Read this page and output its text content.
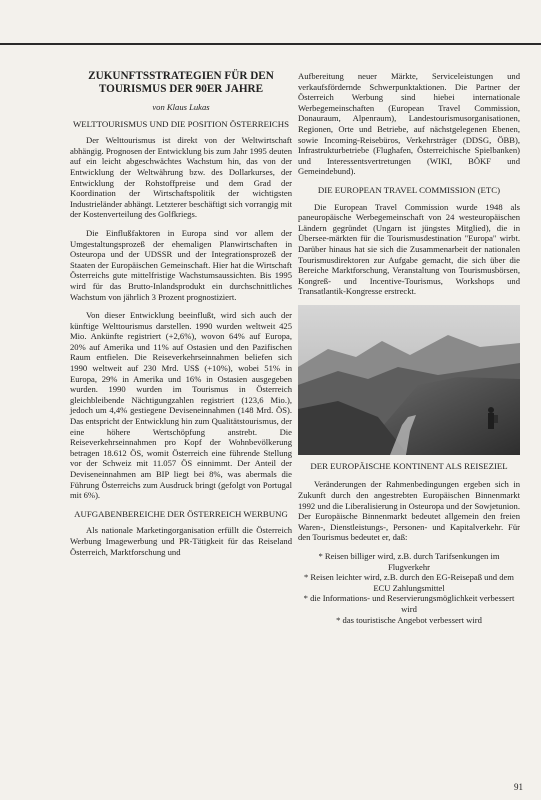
ZUKUNFTSSTRATEGIEN FÜR DEN TOURISMUS DER 90ER JAHRE
von Klaus Lukas
WELTTOURISMUS UND DIE POSITION ÖSTERREICHS

Der Welttourismus ist direkt von der Weltwirtschaft abhängig. Prognosen der Entwicklung bis zum Jahr 1995 deuten auf ein leicht abgeschwächtes Wachstum hin, das von der Entwicklung der Weltwährung bzw. des Dollarkurses, der Entwicklung der Rohstoffpreise und dem Grad der Koordination der Wirtschaftspolitik der wichtigsten Industrieländer abhängt. Letzterer beschäftigt sich vorrangig mit der Kostenverteilung des Golfkriegs.

Die Einflußfaktoren in Europa sind vor allem der Umgestaltungsprozeß der ehemaligen Planwirtschaften in Osteuropa und der UDSSR und der Integrationsprozeß der Staaten der Europäischen Gemeinschaft. Hier hat die Wirtschaft Österreichs gute mittelfristige Wachstumsaussichten. Bis 1995 wird für das Brutto-Inlandsprodukt ein durchschnittliches Wachstum von jährlich 3 Prozent prognostiziert.

Von dieser Entwicklung beeinflußt, wird sich auch der künftige Welttourismus darstellen. 1990 wurden weltweit 425 Mio. Ankünfte registriert (+2,6%), wovon 64% auf Europa, 20% auf Amerika und 11% auf Ostasien und den Pazifischen Raum entfielen. Die Reiseverkehrseinnahmen beliefen sich 1990 weltweit auf 230 Mrd. US$ (+10%), wobei 51% in Europa, 29% in Amerika und 16% in Ostasien ausgegeben wurden. 1990 wurden im Tourismus in Österreich gleichbleibende Nächtigungzahlen registriert (123,6 Mio.), jedoch um 4,4% gestiegene Deviseneinnahmen (148 Mrd. ÖS). Das entspricht der Entwicklung hin zum Qualitätstourismus, der eine höhere Wertschöpfung anstrebt. Die Reiseverkehrseinnahmen pro Kopf der Wohnbevölkerung betragen 18.612 ÖS, womit Österreich eine führende Stellung vor der Schweiz mit 11.057 ÖS einnimmt. Der Anteil der Deviseneinnahmen am BIP liegt bei 8%, was abermals die Führung Österreichs zum Ausdruck bringt (gefolgt von Portugal mit 6%).

AUFGABENBEREICHE DER ÖSTERREICH WERBUNG

Als nationale Marketingorganisation erfüllt die Österreich Werbung Imagewerbung und PR-Tätigkeit für das Reiseland Österreich, Marktforschung und

Aufbereitung neuer Märkte, Serviceleistungen und verkaufsfördernde Schwerpunktaktionen. Die Partner der Österreich Werbung sind hiebei internationale Werbegemeinschaften (European Travel Commission, Donauraum, Alpenraum), Landestourismusorganisationen, Regionen, Orte und Betriebe, auf nächstgelegenen Ebenen, sowie Incoming-Reisebüros, Verkehrsträger (DDSG, ÖBB), Infrastrukturbetriebe (Flughafen, Österreichische Spielbanken) und Interessentsvertretungen (WIKI, BÖKF und Gemeindebund).

DIE EUROPEAN TRAVEL COMMISSION (ETC)

Die European Travel Commission wurde 1948 als paneuropäische Werbegemeinschaft von 24 westeuropäischen Ländern gegründet (Ungarn ist jüngstes Mitglied), die in Übersee-märkten für die Tourismusdestination "Europa" wirbt. Darüber hinaus hat sie sich die Zusammenarbeit der nationalen Tourismusdirektoren zur Aufgabe gemacht, die sich über die Bereiche Marktforschung, Veranstaltung von Tourismusbörsen, Kongreß- und Incentive-Tourismus, Workshops und Transatlantik-Kongresse erstreckt.

DER EUROPÄISCHE KONTINENT ALS REISEZIEL

Veränderungen der Rahmenbedingungen ergeben sich in Zukunft durch den angestrebten Europäischen Binnenmarkt 1992 und die Liberalisierung in Osteuropa und der Sowjetunion. Der Europäische Binnenmarkt bedeutet allgemein den freien Waren-, Dienstleistungs-, Personen- und Kapitalverkehr. Für den Tourismus bedeutet er, daß:

* Reisen billiger wird, z.B. durch Tarifsenkungen im Flugverkehr
* Reisen leichter wird, z.B. durch den EG-Reisepaß und dem ECU Zahlungsmittel
* die Informations- und Reservierungsmöglichkeit verbessert wird
* das touristische Angebot verbessert wird
91
